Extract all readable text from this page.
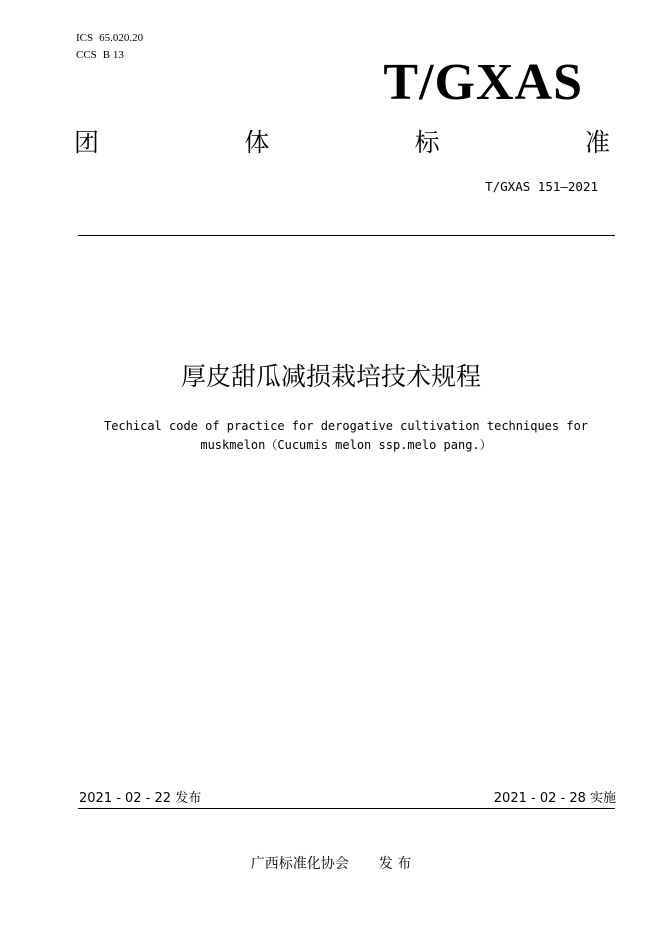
ICS 65.020.20
CCS B 13	T/GXAS
团	体	标	准
T/GXAS 151—2021
厚皮甜瓜减损栽培技术规程
Techical code of practice for derogative cultivation techniques for
muskmelon（Cucumis melon ssp.melo pang.）
2021 - 02 - 22 发布	2021 - 02 - 28 实施
广西标准化协会 发 布
